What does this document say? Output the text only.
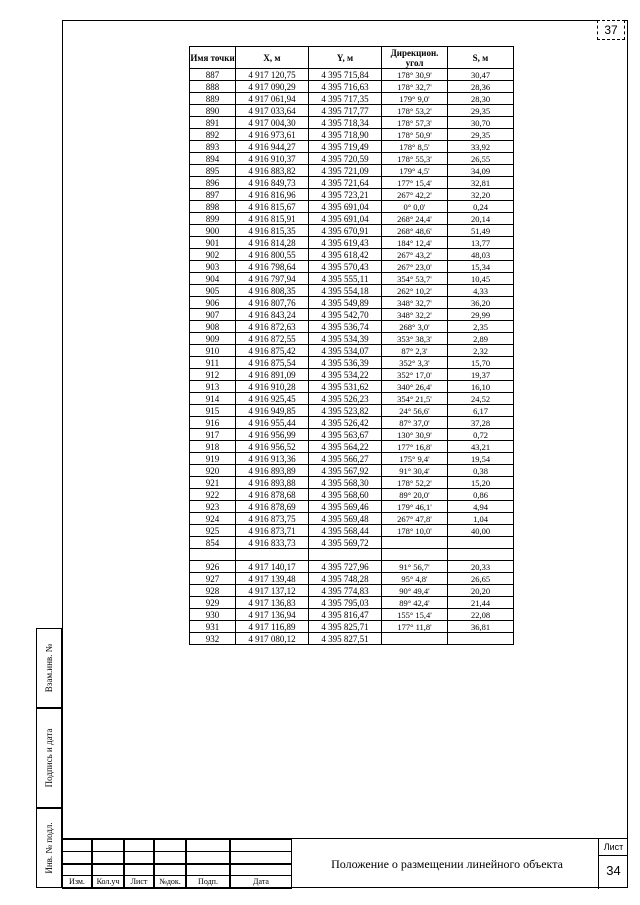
37
Взам.инв. №
Подпись и дата
Инв. № подл.
Имя точки	X, м	Y, м	Дирекцион. угол	S, м
887	4 917 120,75	4 395 715,84	178° 30,9'	30,47
888	4 917 090,29	4 395 716,63	178° 32,7'	28,36
889	4 917 061,94	4 395 717,35	179° 9,0'	28,30
890	4 917 033,64	4 395 717,77	178° 53,2'	29,35
891	4 917 004,30	4 395 718,34	178° 57,3'	30,70
892	4 916 973,61	4 395 718,90	178° 50,9'	29,35
893	4 916 944,27	4 395 719,49	178° 8,5'	33,92
894	4 916 910,37	4 395 720,59	178° 55,3'	26,55
895	4 916 883,82	4 395 721,09	179° 4,5'	34,09
896	4 916 849,73	4 395 721,64	177° 15,4'	32,81
897	4 916 816,96	4 395 723,21	267° 42,2'	32,20
898	4 916 815,67	4 395 691,04	0° 0,0'	0,24
899	4 916 815,91	4 395 691,04	268° 24,4'	20,14
900	4 916 815,35	4 395 670,91	268° 48,6'	51,49
901	4 916 814,28	4 395 619,43	184° 12,4'	13,77
902	4 916 800,55	4 395 618,42	267° 43,2'	48,03
903	4 916 798,64	4 395 570,43	267° 23,0'	15,34
904	4 916 797,94	4 395 555,11	354° 53,7'	10,45
905	4 916 808,35	4 395 554,18	262° 10,2'	4,33
906	4 916 807,76	4 395 549,89	348° 32,7'	36,20
907	4 916 843,24	4 395 542,70	348° 32,2'	29,99
908	4 916 872,63	4 395 536,74	268° 3,0'	2,35
909	4 916 872,55	4 395 534,39	353° 38,3'	2,89
910	4 916 875,42	4 395 534,07	87° 2,3'	2,32
911	4 916 875,54	4 395 536,39	352° 3,3'	15,70
912	4 916 891,09	4 395 534,22	352° 17,0'	19,37
913	4 916 910,28	4 395 531,62	340° 26,4'	16,10
914	4 916 925,45	4 395 526,23	354° 21,5'	24,52
915	4 916 949,85	4 395 523,82	24° 56,6'	6,17
916	4 916 955,44	4 395 526,42	87° 37,0'	37,28
917	4 916 956,99	4 395 563,67	130° 30,9'	0,72
918	4 916 956,52	4 395 564,22	177° 16,8'	43,21
919	4 916 913,36	4 395 566,27	175° 9,4'	19,54
920	4 916 893,89	4 395 567,92	91° 30,4'	0,38
921	4 916 893,88	4 395 568,30	178° 52,2'	15,20
922	4 916 878,68	4 395 568,60	89° 20,0'	0,86
923	4 916 878,69	4 395 569,46	179° 46,1'	4,94
924	4 916 873,75	4 395 569,48	267° 47,8'	1,04
925	4 916 873,71	4 395 568,44	178° 10,0'	40,00
854	4 916 833,73	4 395 569,72		

926	4 917 140,17	4 395 727,96	91° 56,7'	20,33
927	4 917 139,48	4 395 748,28	95° 4,8'	26,65
928	4 917 137,12	4 395 774,83	90° 49,4'	20,20
929	4 917 136,83	4 395 795,03	89° 42,4'	21,44
930	4 917 136,94	4 395 816,47	155° 15,4'	22,08
931	4 917 116,89	4 395 825,71	177° 11,8'	36,81
932	4 917 080,12	4 395 827,51		
Изм.	Кол.уч	Лист	№док.	Подп.	Дата
Положение о размещении линейного объекта
Лист
34
